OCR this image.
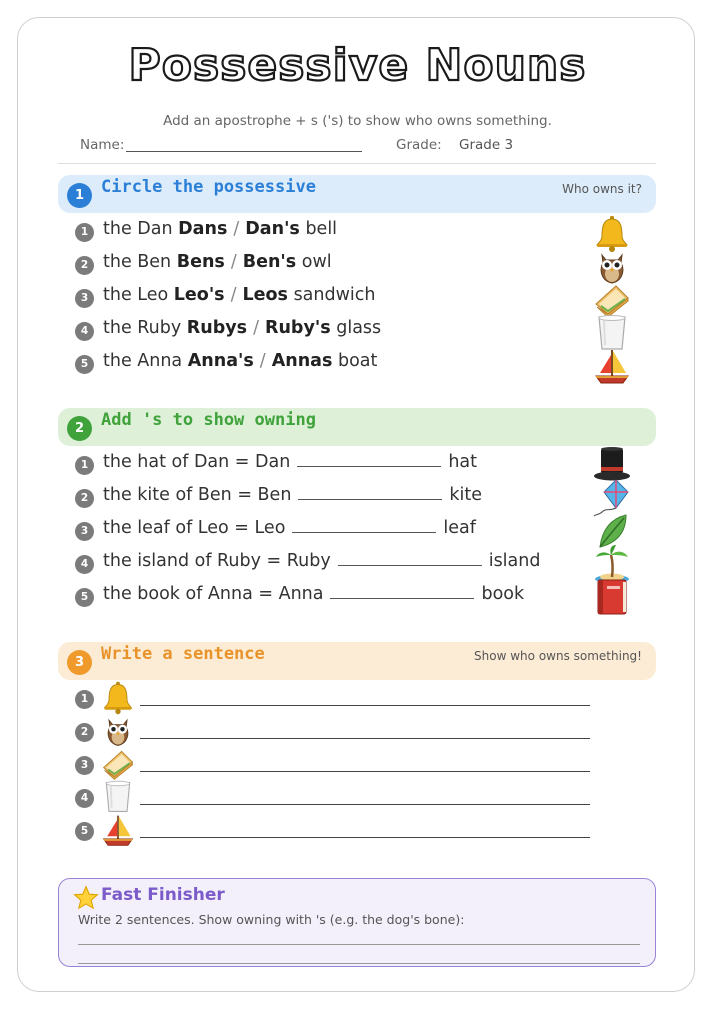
Possessive Nouns
Add an apostrophe + s ('s) to show who owns something.
Name:	Grade: Grade 3
1 Circle the possessive	Who owns it?
1 the Dan Dans / Dan's bell
2 the Ben Bens / Ben's owl
3 the Leo Leo's / Leos sandwich
4 the Ruby Rubys / Ruby's glass
5 the Anna Anna's / Annas boat
2 Add 's to show owning
1 the hat of Dan = Dan	hat
2 the kite of Ben = Ben	kite
3 the leaf of Leo = Leo	leaf
4 the island of Ruby = Ruby	island
5 the book of Anna = Anna	book
3 Write a sentence	Show who owns something!
1
2
3
4
5
Fast Finisher
Write 2 sentences. Show owning with 's (e.g. the dog's bone):
